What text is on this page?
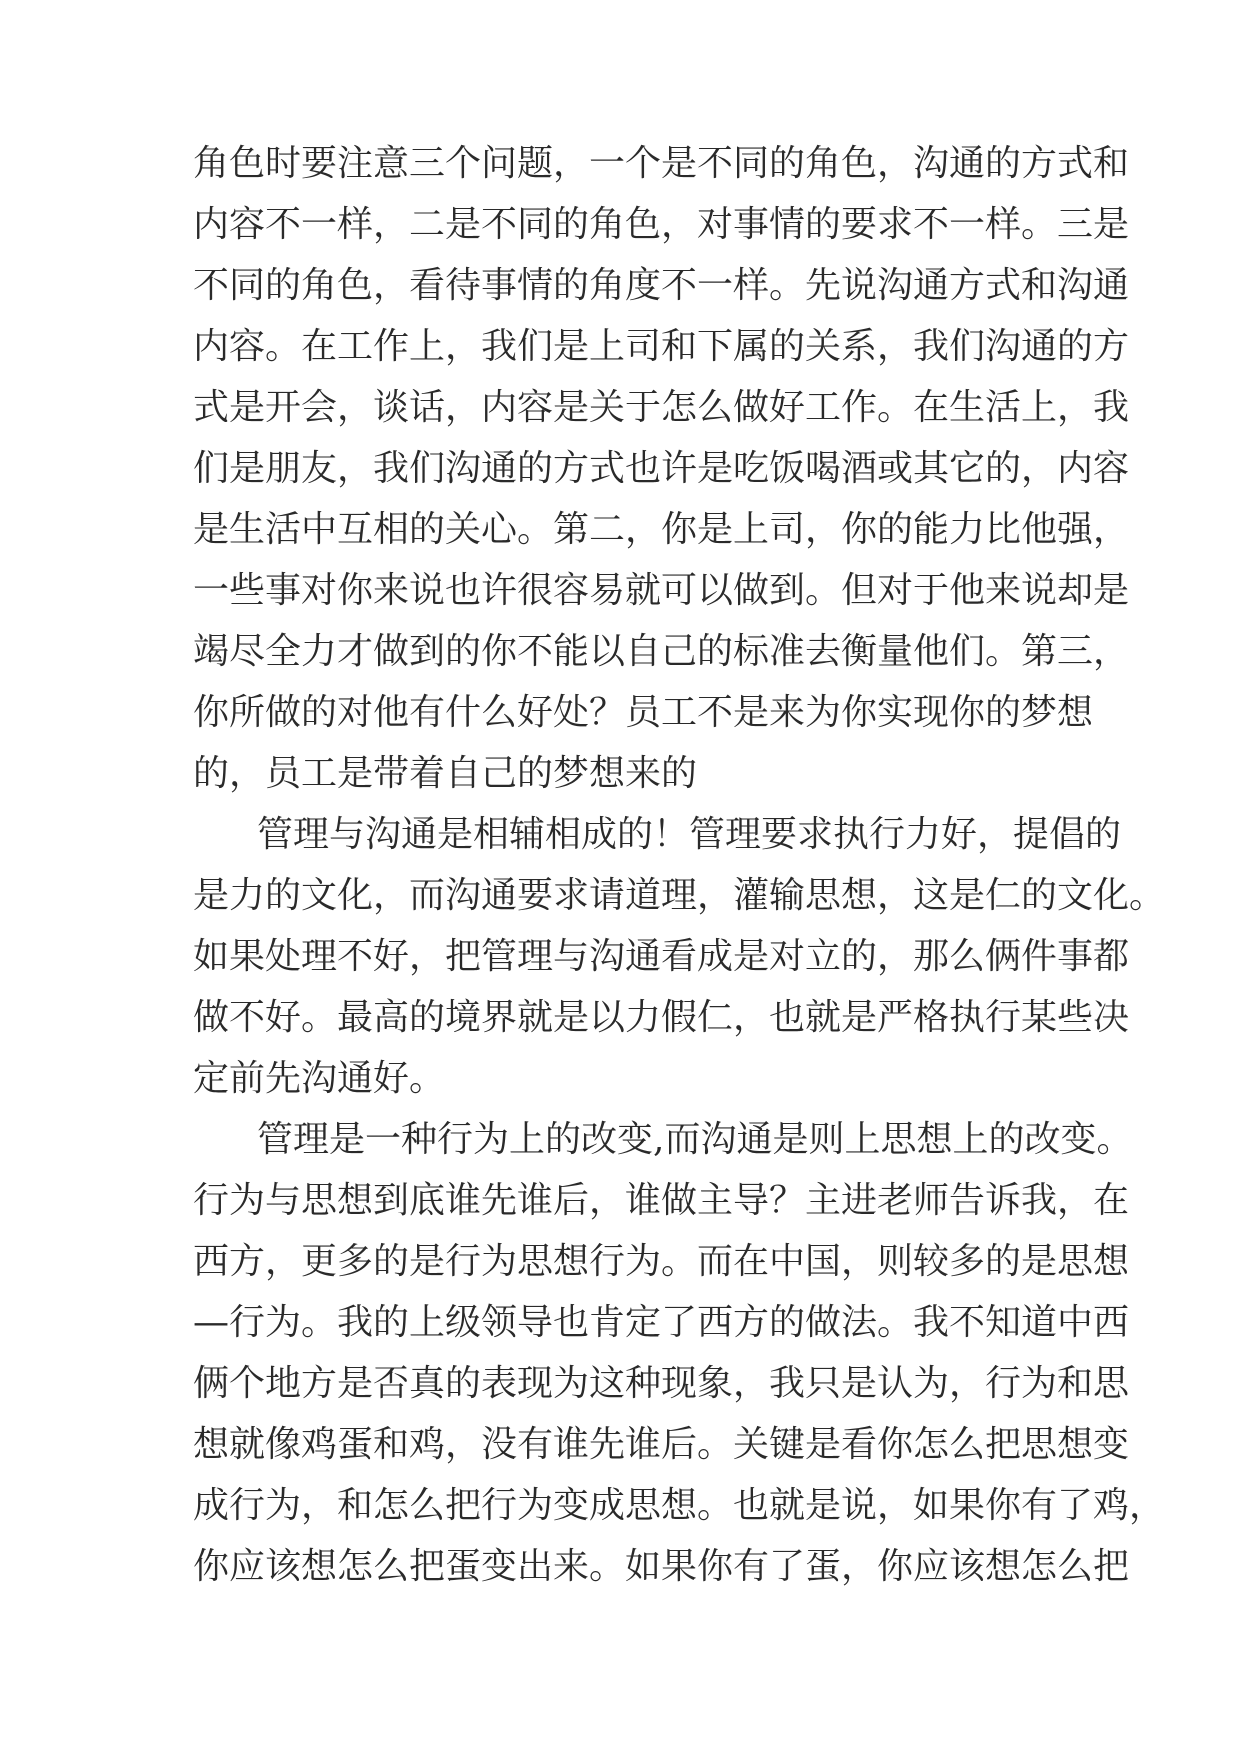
角色时要注意三个问题，一个是不同的角色，沟通的方式和
内容不一样，二是不同的角色，对事情的要求不一样。三是
不同的角色，看待事情的角度不一样。先说沟通方式和沟通
内容。在工作上，我们是上司和下属的关系，我们沟通的方
式是开会，谈话，内容是关于怎么做好工作。在生活上，我
们是朋友，我们沟通的方式也许是吃饭喝酒或其它的，内容
是生活中互相的关心。第二，你是上司，你的能力比他强，
一些事对你来说也许很容易就可以做到。但对于他来说却是
竭尽全力才做到的你不能以自己的标准去衡量他们。第三，
你所做的对他有什么好处？员工不是来为你实现你的梦想
的，员工是带着自己的梦想来的
管理与沟通是相辅相成的！管理要求执行力好，提倡的
是力的文化，而沟通要求请道理，灌输思想，这是仁的文化。
如果处理不好，把管理与沟通看成是对立的，那么俩件事都
做不好。最高的境界就是以力假仁，也就是严格执行某些决
定前先沟通好。
管理是一种行为上的改变,而沟通是则上思想上的改变。
行为与思想到底谁先谁后，谁做主导？主进老师告诉我，在
西方，更多的是行为思想行为。而在中国，则较多的是思想
—行为。我的上级领导也肯定了西方的做法。我不知道中西
俩个地方是否真的表现为这种现象，我只是认为，行为和思
想就像鸡蛋和鸡，没有谁先谁后。关键是看你怎么把思想变
成行为，和怎么把行为变成思想。也就是说，如果你有了鸡，
你应该想怎么把蛋变出来。如果你有了蛋，你应该想怎么把
